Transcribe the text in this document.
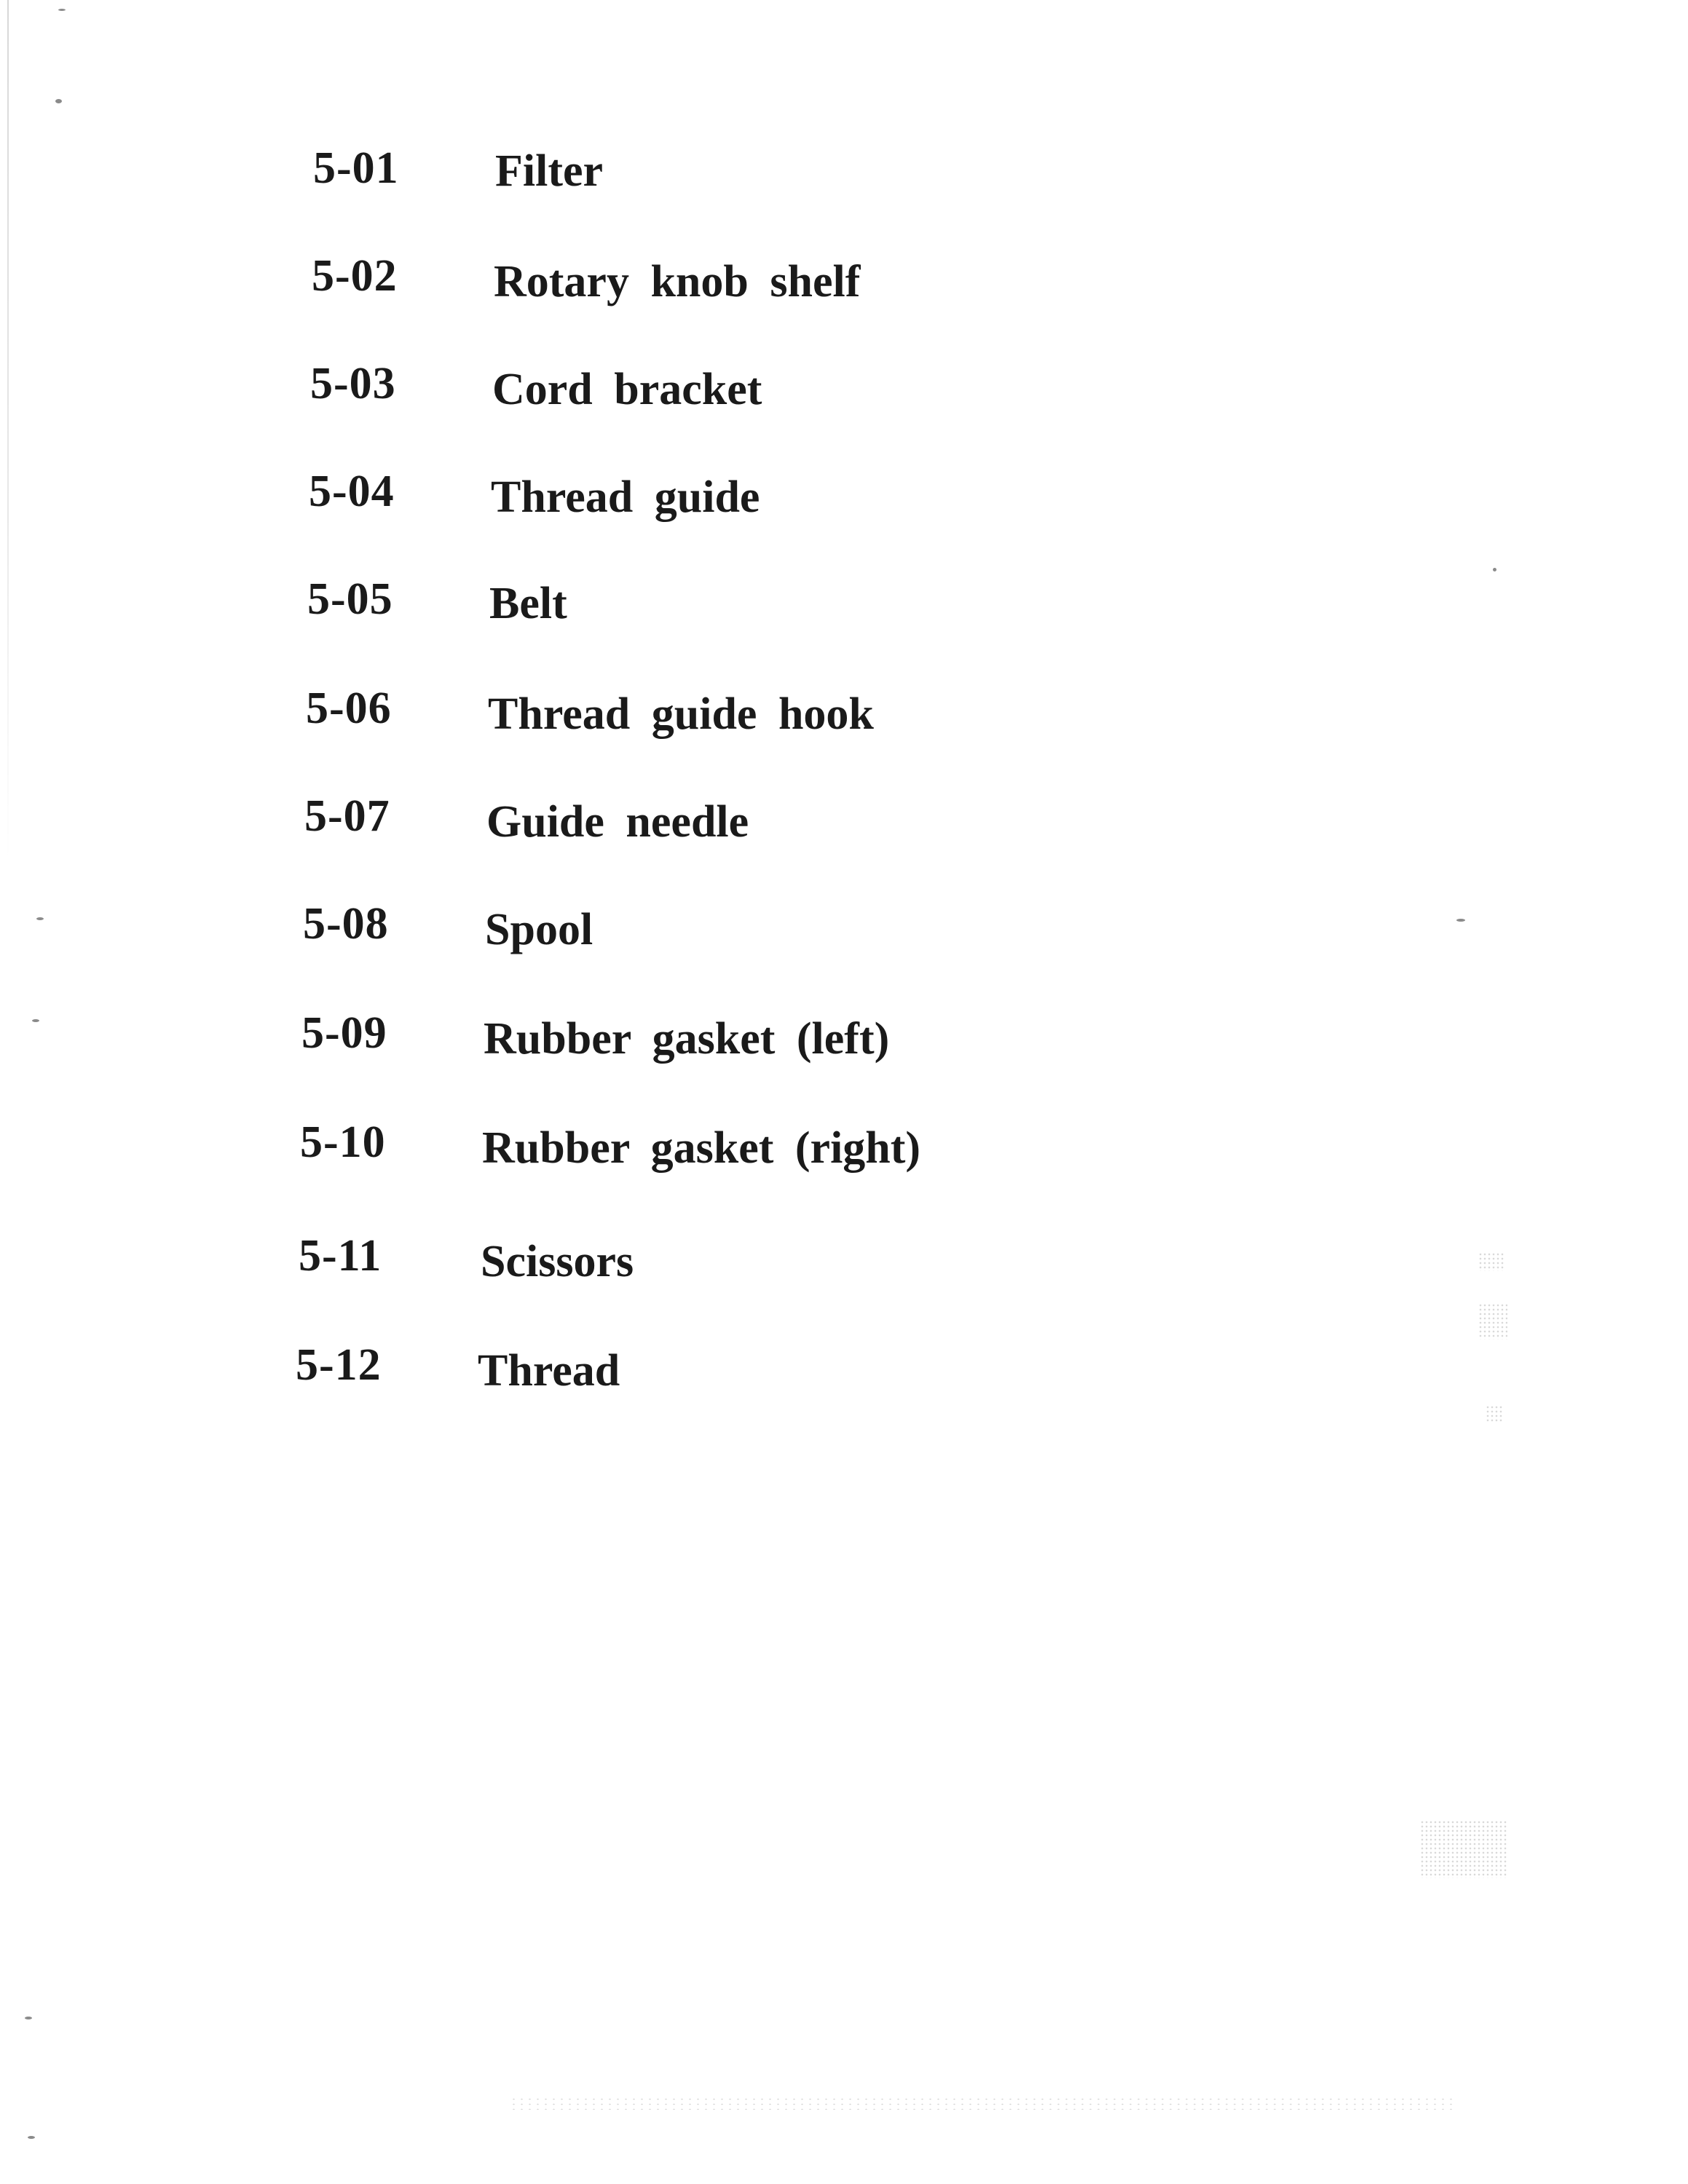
5-01 Filter
5-02 Rotary knob shelf
5-03 Cord bracket
5-04 Thread guide
5-05 Belt
5-06 Thread guide hook
5-07 Guide needle
5-08 Spool
5-09 Rubber gasket (left)
5-10 Rubber gasket (right)
5-11 Scissors
5-12 Thread
